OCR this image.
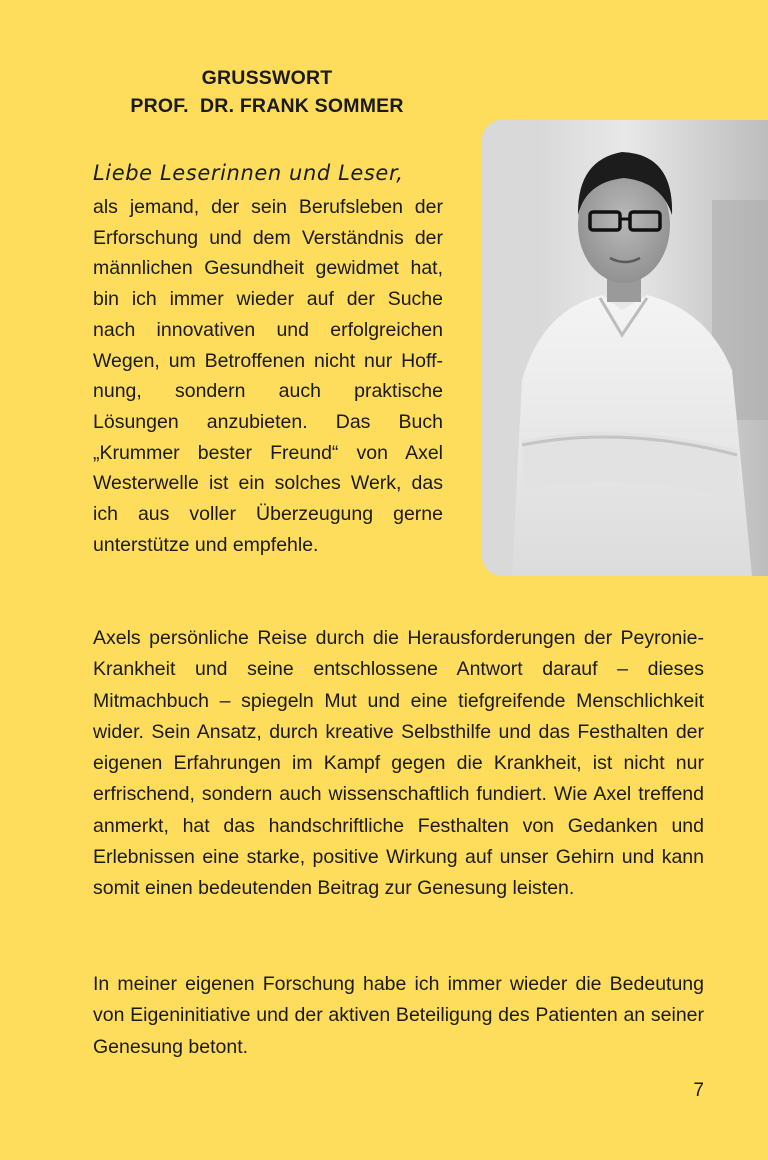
GRUSSWORT
PROF.  DR. FRANK SOMMER

Liebe Leserinnen und Leser,

als jemand, der sein Berufsleben der Erforschung und dem Verständnis der männlichen Gesundheit gewidmet hat, bin ich immer wieder auf der Suche nach innovativen und erfolgreichen Wegen, um Betroffenen nicht nur Hoffnung, sondern auch praktische Lösungen anzubieten. Das Buch „Krummer bester Freund“ von Axel Westerwelle ist ein solches Werk, das ich aus voller Überzeugung gerne unterstütze und empfehle.

Axels persönliche Reise durch die Herausforderungen der Peyronie-Krankheit und seine entschlossene Antwort darauf – dieses Mitmachbuch – spiegeln Mut und eine tiefgreifende Menschlichkeit wider. Sein Ansatz, durch kreative Selbsthilfe und das Festhalten der eigenen Erfahrungen im Kampf gegen die Krankheit, ist nicht nur erfrischend, sondern auch wissenschaftlich fundiert. Wie Axel treffend anmerkt, hat das handschriftliche Festhalten von Gedanken und Erlebnissen eine starke, positive Wirkung auf unser Gehirn und kann somit einen bedeutenden Beitrag zur Genesung leisten.

In meiner eigenen Forschung habe ich immer wieder die Bedeutung von Eigeninitiative und der aktiven Beteiligung des Patienten an seiner Genesung betont.

7
